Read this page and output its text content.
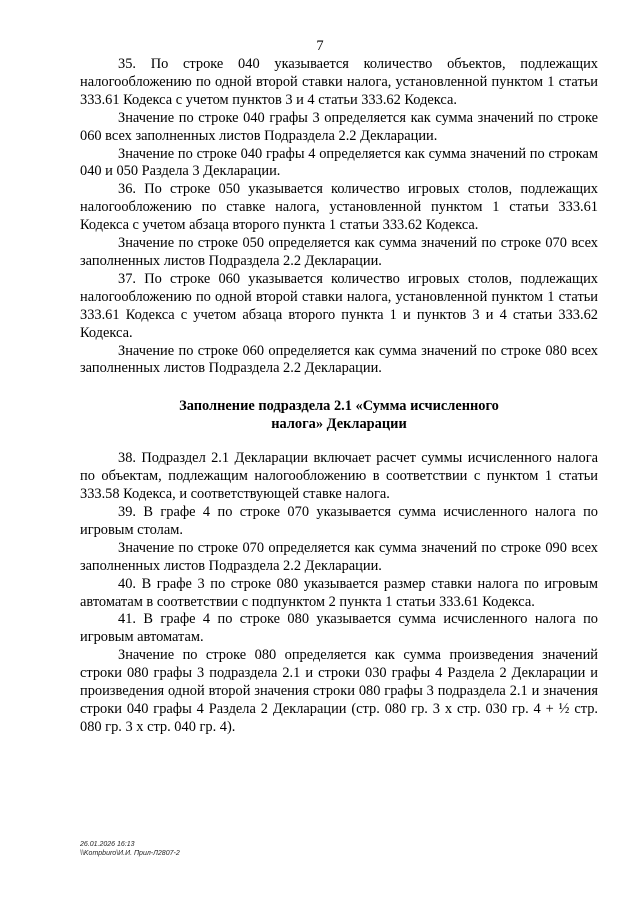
7

35. По строке 040 указывается количество объектов, подлежащих налогообложению по одной второй ставки налога, установленной пунктом 1 статьи 333.61 Кодекса с учетом пунктов 3 и 4 статьи 333.62 Кодекса.

Значение по строке 040 графы 3 определяется как сумма значений по строке 060 всех заполненных листов Подраздела 2.2 Декларации.

Значение по строке 040 графы 4 определяется как сумма значений по строкам 040 и 050 Раздела 3 Декларации.

36. По строке 050 указывается количество игровых столов, подлежащих налогообложению по ставке налога, установленной пунктом 1 статьи 333.61 Кодекса с учетом абзаца второго пункта 1 статьи 333.62 Кодекса.

Значение по строке 050 определяется как сумма значений по строке 070 всех заполненных листов Подраздела 2.2 Декларации.

37. По строке 060 указывается количество игровых столов, подлежащих налогообложению по одной второй ставки налога, установленной пунктом 1 статьи 333.61 Кодекса с учетом абзаца второго пункта 1 и пунктов 3 и 4 статьи 333.62 Кодекса.

Значение по строке 060 определяется как сумма значений по строке 080 всех заполненных листов Подраздела 2.2 Декларации.

Заполнение подраздела 2.1 «Сумма исчисленного
налога» Декларации

38. Подраздел 2.1 Декларации включает расчет суммы исчисленного налога по объектам, подлежащим налогообложению в соответствии с пунктом 1 статьи 333.58 Кодекса, и соответствующей ставке налога.

39. В графе 4 по строке 070 указывается сумма исчисленного налога по игровым столам.

Значение по строке 070 определяется как сумма значений по строке 090 всех заполненных листов Подраздела 2.2 Декларации.

40. В графе 3 по строке 080 указывается размер ставки налога по игровым автоматам в соответствии с подпунктом 2 пункта 1 статьи 333.61 Кодекса.

41. В графе 4 по строке 080 указывается сумма исчисленного налога по игровым автоматам.

Значение по строке 080 определяется как сумма произведения значений строки 080 графы 3 подраздела 2.1 и строки 030 графы 4 Раздела 2 Декларации и произведения одной второй значения строки 080 графы 3 подраздела 2.1 и значения строки 040 графы 4 Раздела 2 Декларации (стр. 080 гр. 3 х стр. 030 гр. 4 + ½ стр. 080 гр. 3 х стр. 040 гр. 4).

26.01.2026 16:13
\\Kompburo\И.И. Прил-Л2807-2
